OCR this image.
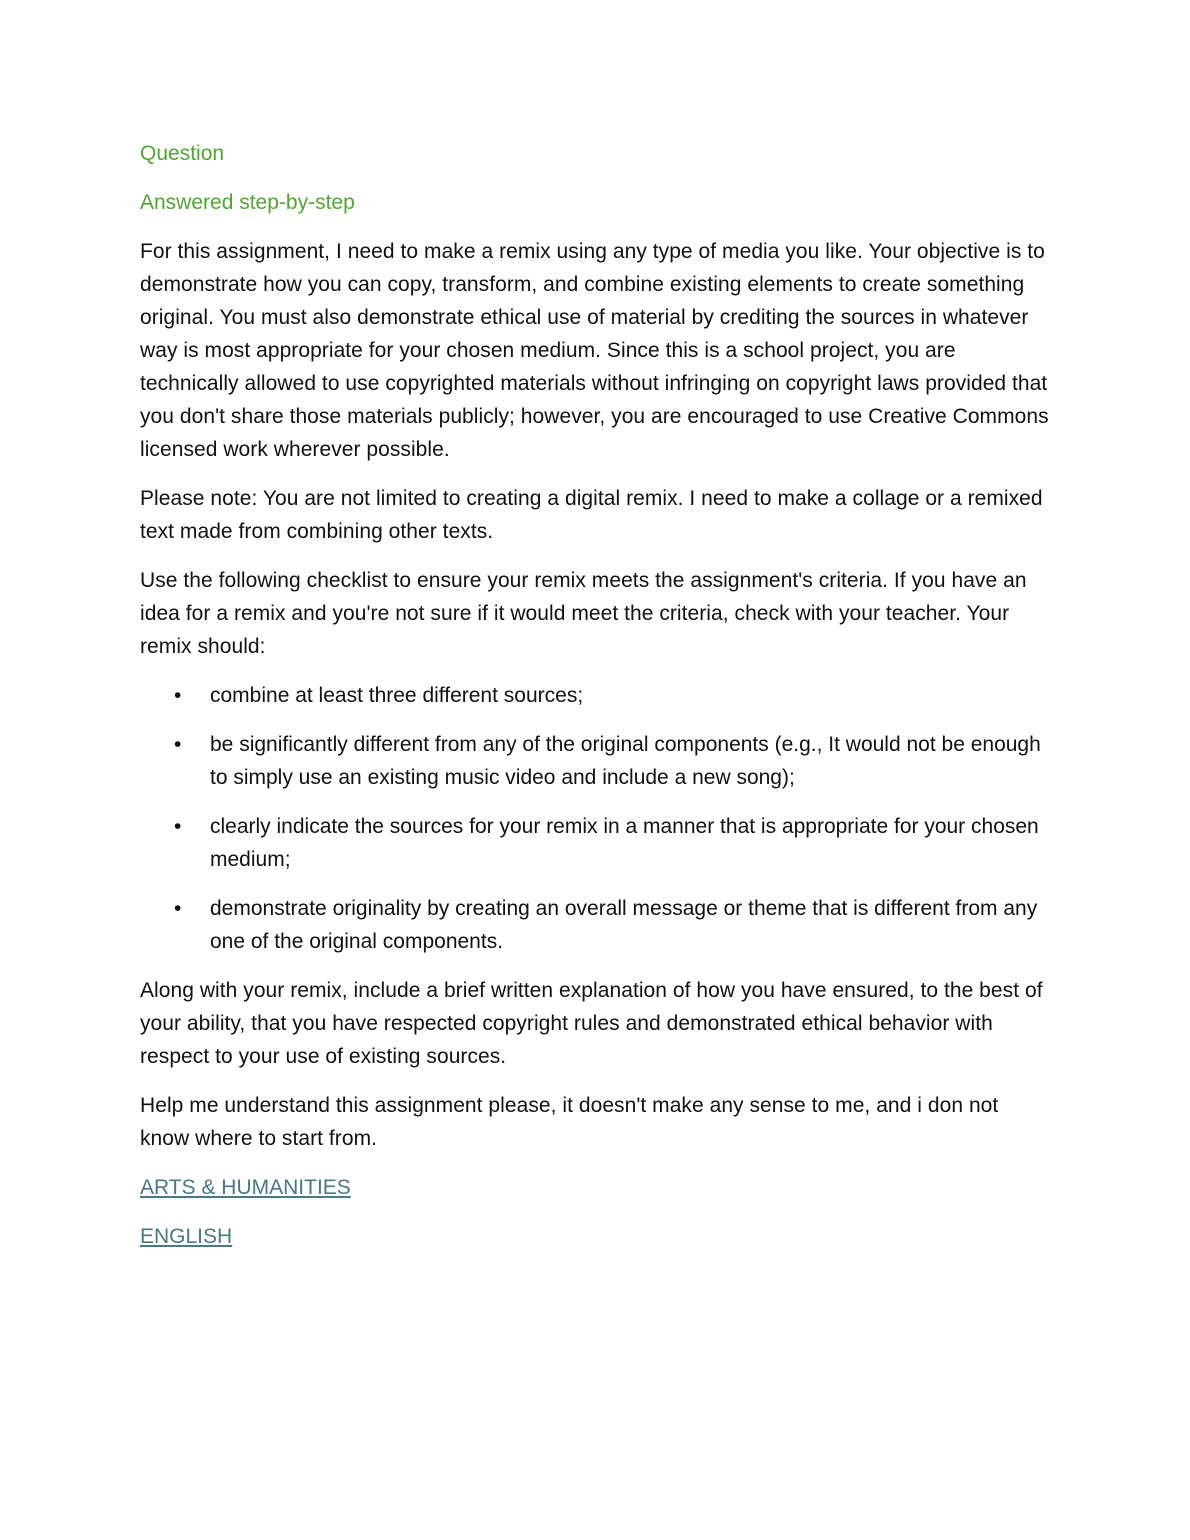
Question
Answered step-by-step

For this assignment, I need to make a remix using any type of media you like. Your objective is to demonstrate how you can copy, transform, and combine existing elements to create something original. You must also demonstrate ethical use of material by crediting the sources in whatever way is most appropriate for your chosen medium. Since this is a school project, you are technically allowed to use copyrighted materials without infringing on copyright laws provided that you don't share those materials publicly; however, you are encouraged to use Creative Commons licensed work wherever possible.

Please note: You are not limited to creating a digital remix. I need to make a collage or a remixed text made from combining other texts.

Use the following checklist to ensure your remix meets the assignment's criteria. If you have an idea for a remix and you're not sure if it would meet the criteria, check with your teacher. Your remix should:

• combine at least three different sources;
• be significantly different from any of the original components (e.g., It would not be enough to simply use an existing music video and include a new song);
• clearly indicate the sources for your remix in a manner that is appropriate for your chosen medium;
• demonstrate originality by creating an overall message or theme that is different from any one of the original components.

Along with your remix, include a brief written explanation of how you have ensured, to the best of your ability, that you have respected copyright rules and demonstrated ethical behavior with respect to your use of existing sources.

Help me understand this assignment please, it doesn't make any sense to me, and i don not know where to start from.

ARTS & HUMANITIES
ENGLISH
